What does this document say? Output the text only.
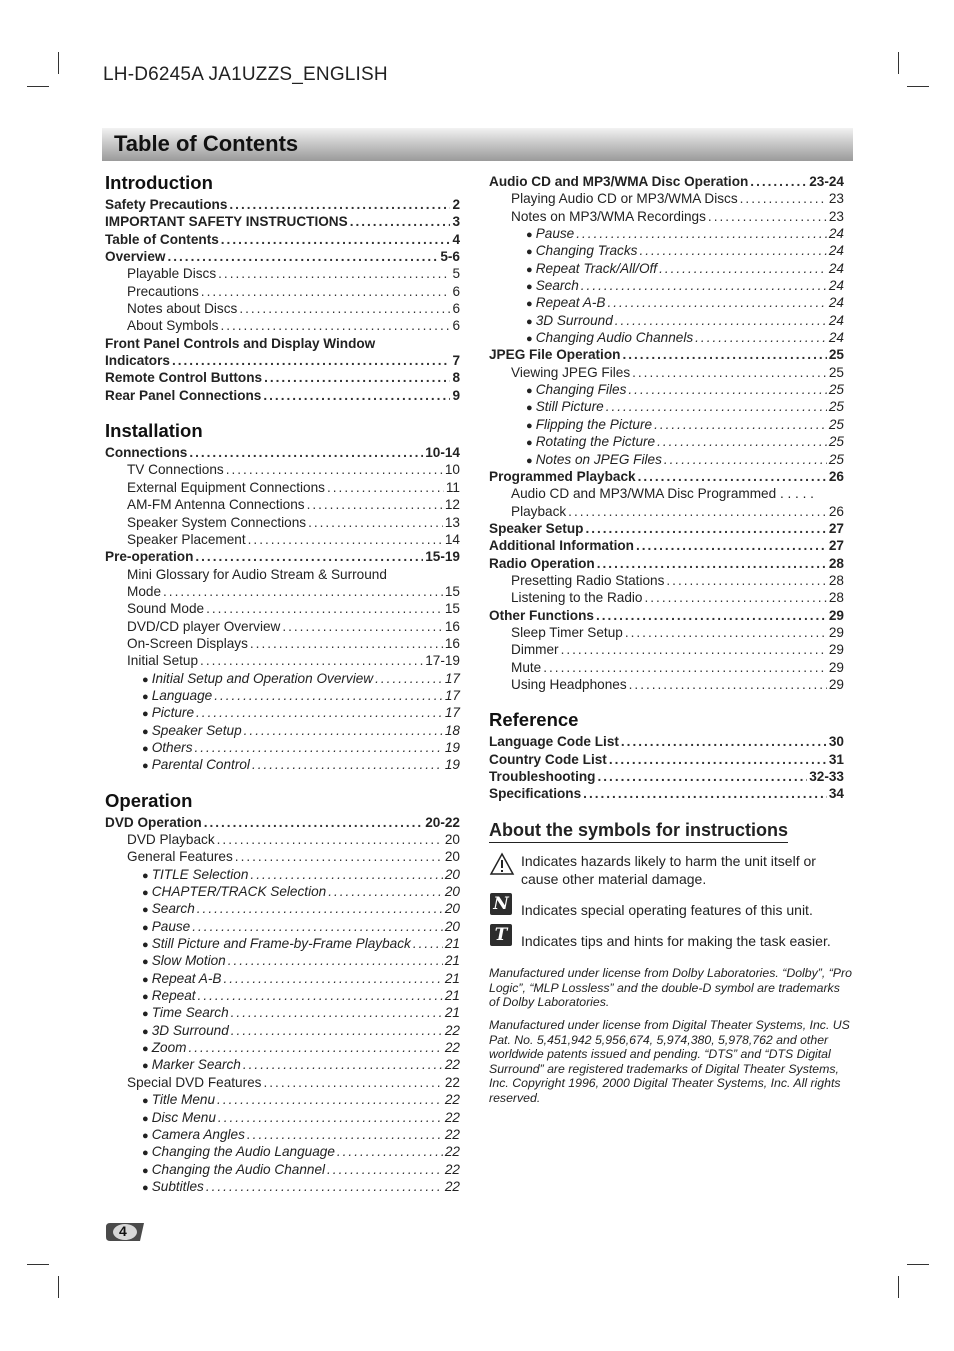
LH-D6245A JA1UZZS_ENGLISH
Table of Contents
Introduction
Safety Precautions .....	2
IMPORTANT SAFETY INSTRUCTIONS .....	3
Table of Contents .....	4
Overview .....	5-6
Playable Discs .....	5
Precautions .....	6
Notes about Discs .....	6
About Symbols .....	6
Front Panel Controls and Display Window
Indicators .....	7
Remote Control Buttons .....	8
Rear Panel Connections .....	9
Installation
Connections .....	10-14
TV Connections .....	10
External Equipment Connections .....	11
AM-FM Antenna Connections .....	12
Speaker System Connections .....	13
Speaker Placement .....	14
Pre-operation .....	15-19
Mini Glossary for Audio Stream & Surround
Mode .....	15
Sound Mode .....	15
DVD/CD player Overview .....	16
On-Screen Displays .....	16
Initial Setup .....	17-19
● Initial Setup and Operation Overview .....	17
● Language .....	17
● Picture .....	17
● Speaker Setup .....	18
● Others .....	19
● Parental Control .....	19
Operation
DVD Operation .....	20-22
DVD Playback .....	20
General Features .....	20
● TITLE Selection .....	20
● CHAPTER/TRACK Selection .....	20
● Search .....	20
● Pause .....	20
● Still Picture and Frame-by-Frame Playback .....	21
● Slow Motion .....	21
● Repeat A-B .....	21
● Repeat .....	21
● Time Search .....	21
● 3D Surround .....	22
● Zoom .....	22
● Marker Search .....	22
Special DVD Features .....	22
● Title Menu .....	22
● Disc Menu .....	22
● Camera Angles .....	22
● Changing the Audio Language .....	22
● Changing the Audio Channel .....	22
● Subtitles .....	22
Audio CD and MP3/WMA Disc Operation .....	23-24
Playing Audio CD or MP3/WMA Discs .....	23
Notes on MP3/WMA Recordings .....	23
● Pause .....	24
● Changing Tracks .....	24
● Repeat Track/All/Off .....	24
● Search .....	24
● Repeat A-B .....	24
● 3D Surround .....	24
● Changing Audio Channels .....	24
JPEG File Operation .....	25
Viewing JPEG Files .....	25
● Changing Files .....	25
● Still Picture .....	25
● Flipping the Picture .....	25
● Rotating the Picture .....	25
● Notes on JPEG Files .....	25
Programmed Playback .....	26
Audio CD and MP3/WMA Disc Programmed . . . . .
Playback .....	26
Speaker Setup .....	27
Additional Information .....	27
Radio Operation .....	28
Presetting Radio Stations .....	28
Listening to the Radio .....	28
Other Functions .....	29
Sleep Timer Setup .....	29
Dimmer .....	29
Mute .....	29
Using Headphones .....	29
Reference
Language Code List .....	30
Country Code List .....	31
Troubleshooting .....	32-33
Specifications .....	34
About the symbols for instructions
Indicates hazards likely to harm the unit itself or cause other material damage.
N Indicates special operating features of this unit.
T Indicates tips and hints for making the task easier.
Manufactured under license from Dolby Laboratories. “Dolby”, “Pro Logic”, “MLP Lossless” and the double-D symbol are trademarks of Dolby Laboratories.
Manufactured under license from Digital Theater Systems, Inc. US Pat. No. 5,451,942 5,956,674, 5,974,380, 5,978,762 and other worldwide patents issued and pending. “DTS” and “DTS Digital Surround” are registered trademarks of Digital Theater Systems, Inc. Copyright 1996, 2000 Digital Theater Systems, Inc. All rights reserved.
4
